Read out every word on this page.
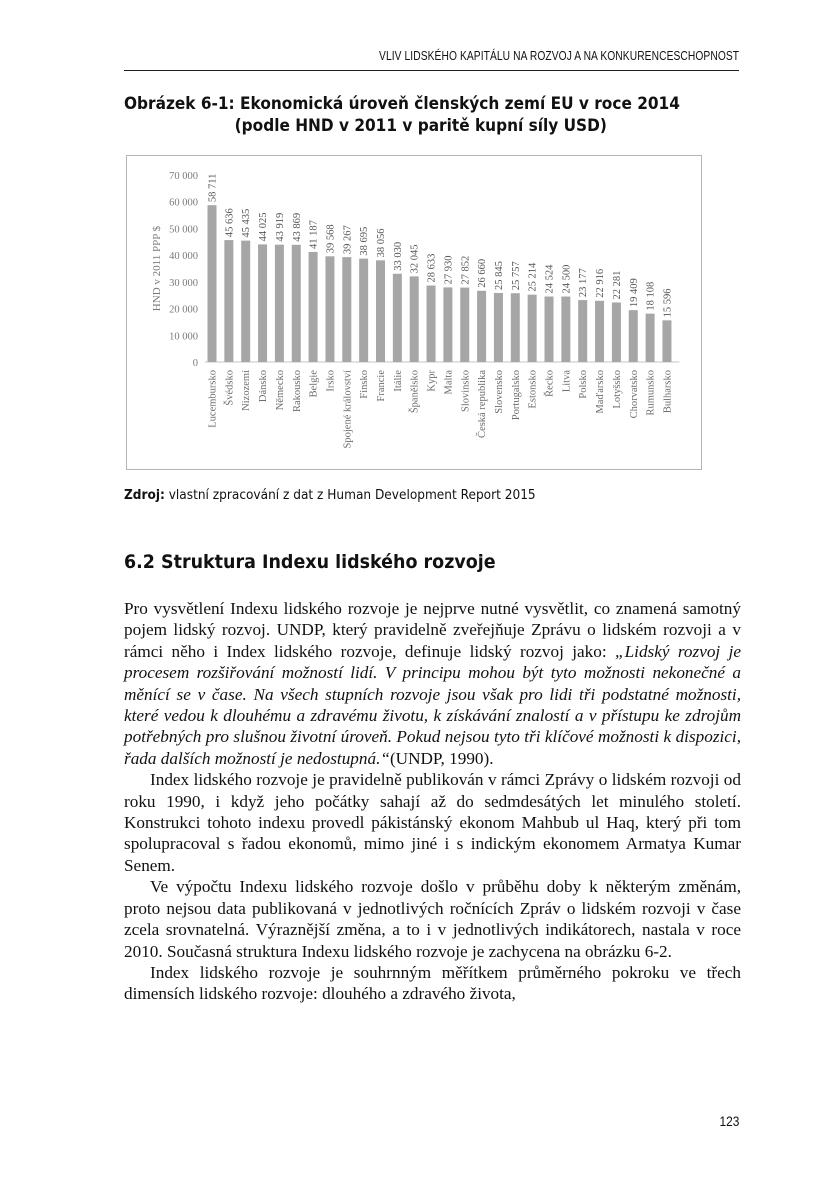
VLIV LIDSKÉHO KAPITÁLU NA ROZVOJ A NA KONKURENCESCHOPNOST
Obrázek 6-1: Ekonomická úroveň členských zemí EU v roce 2014
(podle HND v 2011 v paritě kupní síly USD)
0
10 000
20 000
30 000
40 000
50 000
60 000
70 000
HND v 2011 PPP $
58 711
Lucembursko
45 636
Švédsko
45 435
Nizozemí
44 025
Dánsko
43 919
Německo
43 869
Rakousko
41 187
Belgie
39 568
Irsko
39 267
Spojené království
38 695
Finsko
38 056
Francie
33 030
Itálie
32 045
Španělsko
28 633
Kypr
27 930
Malta
27 852
Slovinsko
26 660
Česká republika
25 845
Slovensko
25 757
Portugalsko
25 214
Estonsko
24 524
Řecko
24 500
Litva
23 177
Polsko
22 916
Maďarsko
22 281
Lotyšsko
19 409
Chorvatsko
18 108
Rumunsko
15 596
Bulharsko
Zdroj: vlastní zpracování z dat z Human Development Report 2015
6.2 Struktura Indexu lidského rozvoje

Pro vysvětlení Indexu lidského rozvoje je nejprve nutné vysvětlit, co znamená samotný pojem lidský rozvoj. UNDP, který pravidelně zveřejňuje Zprávu o lidském rozvoji a v rámci něho i Index lidského rozvoje, definuje lidský rozvoj jako: „Lidský rozvoj je procesem rozšiřování možností lidí. V principu mohou být tyto možnosti nekonečné a měnící se v čase. Na všech stupních rozvoje jsou však pro lidi tři podstatné možnosti, které vedou k dlouhému a zdravému životu, k získávání znalostí a v přístupu ke zdrojům potřebných pro slušnou životní úroveň. Pokud nejsou tyto tři klíčové možnosti k dispozici, řada dalších možností je nedostupná.“(UNDP, 1990).

Index lidského rozvoje je pravidelně publikován v rámci Zprávy o lidském rozvoji od roku 1990, i když jeho počátky sahají až do sedmdesátých let minulého století. Konstrukci tohoto indexu provedl pákistánský ekonom Mahbub ul Haq, který při tom spolupracoval s řadou ekonomů, mimo jiné i s indickým ekonomem Armatya Kumar Senem.

Ve výpočtu Indexu lidského rozvoje došlo v průběhu doby k některým změnám, proto nejsou data publikovaná v jednotlivých ročnících Zpráv o lidském rozvoji v čase zcela srovnatelná. Výraznější změna, a to i v jednotlivých indikátorech, nastala v roce 2010. Současná struktura Indexu lidského rozvoje je zachycena na obrázku 6-2.

Index lidského rozvoje je souhrnným měřítkem průměrného pokroku ve třech dimensích lidského rozvoje: dlouhého a zdravého života,

123
